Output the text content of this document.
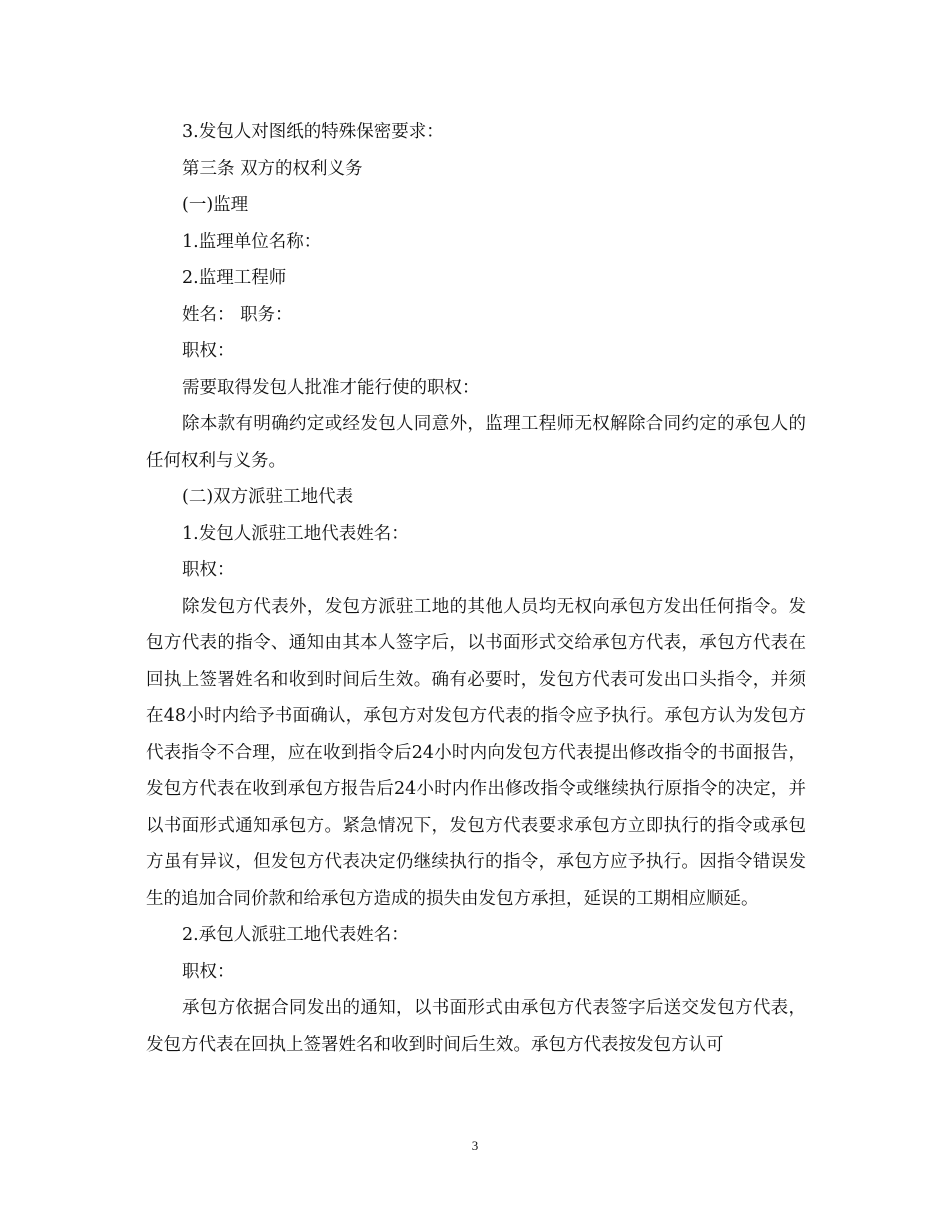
3.发包人对图纸的特殊保密要求：

第三条 双方的权利义务

(一)监理

1.监理单位名称：

2.监理工程师

姓名： 职务：

职权：

需要取得发包人批准才能行使的职权：

除本款有明确约定或经发包人同意外，监理工程师无权解除合同约定的承包人的任何权利与义务。

(二)双方派驻工地代表

1.发包人派驻工地代表姓名：

职权：

除发包方代表外，发包方派驻工地的其他人员均无权向承包方发出任何指令。发包方代表的指令、通知由其本人签字后，以书面形式交给承包方代表，承包方代表在回执上签署姓名和收到时间后生效。确有必要时，发包方代表可发出口头指令，并须在48小时内给予书面确认，承包方对发包方代表的指令应予执行。承包方认为发包方代表指令不合理，应在收到指令后24小时内向发包方代表提出修改指令的书面报告，发包方代表在收到承包方报告后24小时内作出修改指令或继续执行原指令的决定，并以书面形式通知承包方。紧急情况下，发包方代表要求承包方立即执行的指令或承包方虽有异议，但发包方代表决定仍继续执行的指令，承包方应予执行。因指令错误发生的追加合同价款和给承包方造成的损失由发包方承担，延误的工期相应顺延。

2.承包人派驻工地代表姓名：

职权：

承包方依据合同发出的通知，以书面形式由承包方代表签字后送交发包方代表，发包方代表在回执上签署姓名和收到时间后生效。承包方代表按发包方认可

3
